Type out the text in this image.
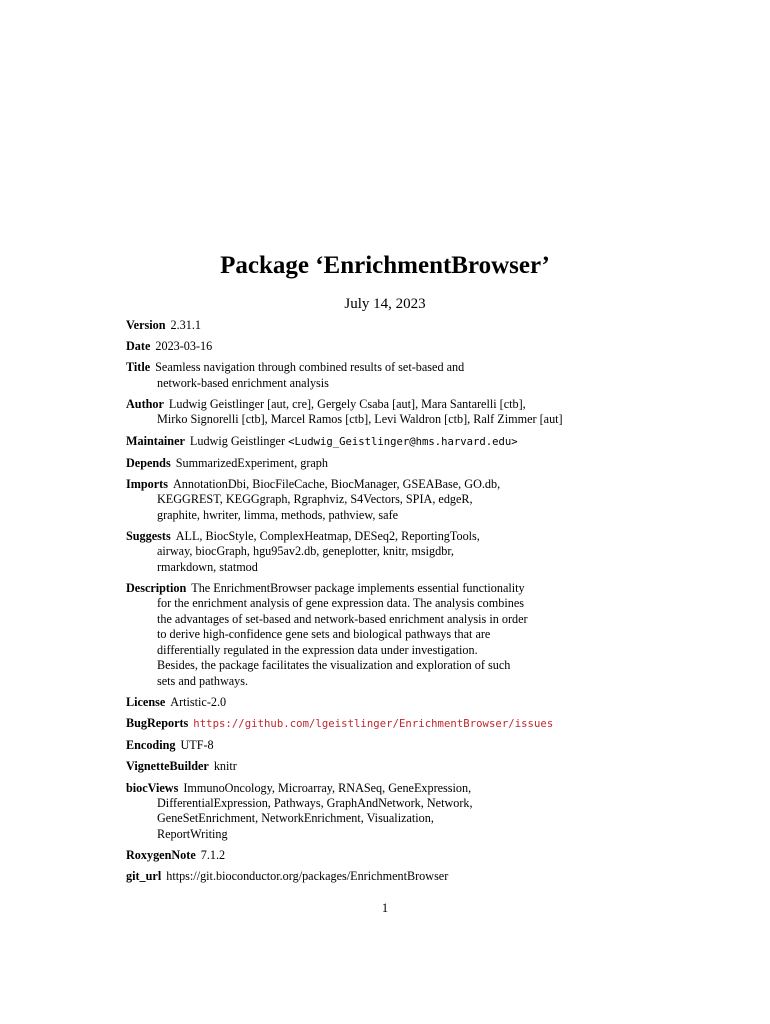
Package ‘EnrichmentBrowser’
July 14, 2023
Version 2.31.1
Date 2023-03-16
Title Seamless navigation through combined results of set-based and
network-based enrichment analysis
Author Ludwig Geistlinger [aut, cre], Gergely Csaba [aut], Mara Santarelli [ctb],
Mirko Signorelli [ctb], Marcel Ramos [ctb], Levi Waldron [ctb], Ralf Zimmer [aut]
Maintainer Ludwig Geistlinger <Ludwig_Geistlinger@hms.harvard.edu>
Depends SummarizedExperiment, graph
Imports AnnotationDbi, BiocFileCache, BiocManager, GSEABase, GO.db,
KEGGREST, KEGGgraph, Rgraphviz, S4Vectors, SPIA, edgeR,
graphite, hwriter, limma, methods, pathview, safe
Suggests ALL, BiocStyle, ComplexHeatmap, DESeq2, ReportingTools,
airway, biocGraph, hgu95av2.db, geneplotter, knitr, msigdbr,
rmarkdown, statmod
Description The EnrichmentBrowser package implements essential functionality
for the enrichment analysis of gene expression data. The analysis combines
the advantages of set-based and network-based enrichment analysis in order
to derive high-confidence gene sets and biological pathways that are
differentially regulated in the expression data under investigation.
Besides, the package facilitates the visualization and exploration of such
sets and pathways.
License Artistic-2.0
BugReports https://github.com/lgeistlinger/EnrichmentBrowser/issues
Encoding UTF-8
VignetteBuilder knitr
biocViews ImmunoOncology, Microarray, RNASeq, GeneExpression,
DifferentialExpression, Pathways, GraphAndNetwork, Network,
GeneSetEnrichment, NetworkEnrichment, Visualization,
ReportWriting
RoxygenNote 7.1.2
git_url https://git.bioconductor.org/packages/EnrichmentBrowser
1
